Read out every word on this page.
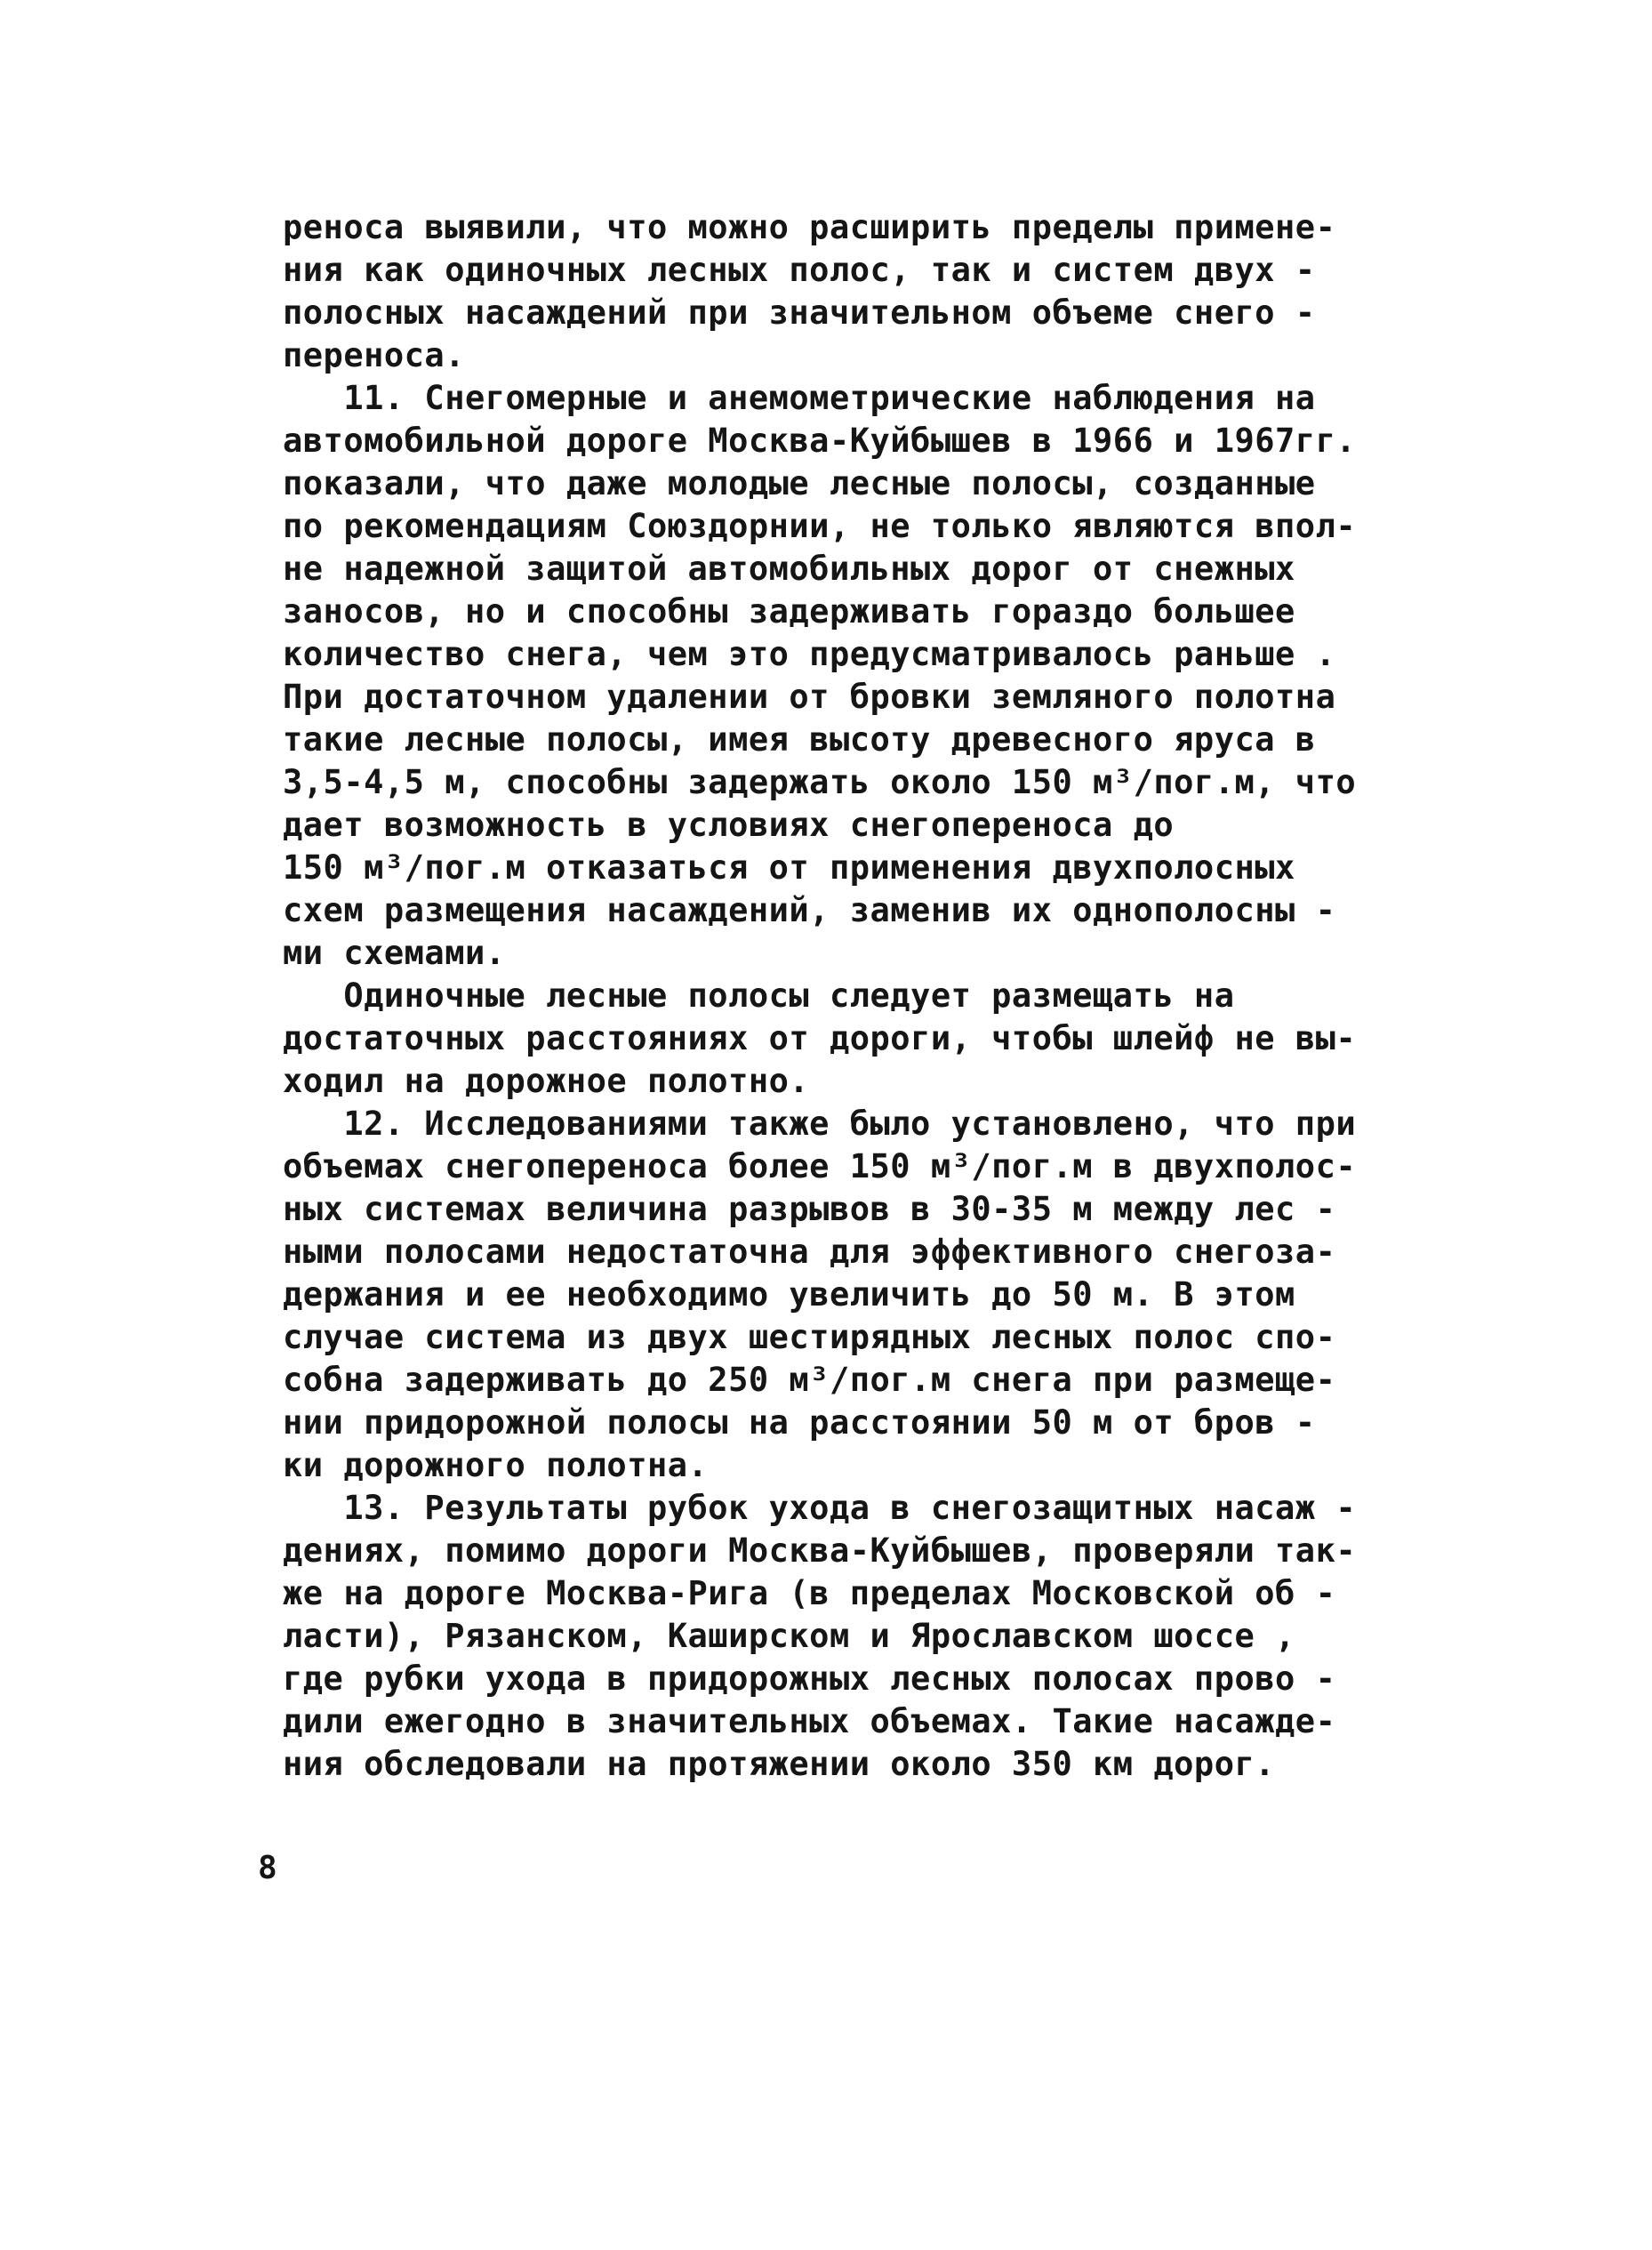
реноса выявили, что можно расширить пределы примене-
ния как одиночных лесных полос, так и систем двух -
полосных насаждений при значительном объеме снего -
переноса.
11. Снегомерные и анемометрические наблюдения на
автомобильной дороге Москва-Куйбышев в 1966 и 1967гг.
показали, что даже молодые лесные полосы, созданные
по рекомендациям Союздорнии, не только являются впол-
не надежной защитой автомобильных дорог от снежных
заносов, но и способны задерживать гораздо большее
количество снега, чем это предусматривалось раньше .
При достаточном удалении от бровки земляного полотна
такие лесные полосы, имея высоту древесного яруса в
3,5-4,5 м, способны задержать около 150 м³/пог.м, что
дает возможность в условиях снегопереноса до
150 м³/пог.м отказаться от применения двухполосных
схем размещения насаждений, заменив их однополосны -
ми схемами.
Одиночные лесные полосы следует размещать на
достаточных расстояниях от дороги, чтобы шлейф не вы-
ходил на дорожное полотно.
12. Исследованиями также было установлено, что при
объемах снегопереноса более 150 м³/пог.м в двухполос-
ных системах величина разрывов в 30-35 м между лес -
ными полосами недостаточна для эффективного снегоза-
держания и ее необходимо увеличить до 50 м. В этом
случае система из двух шестирядных лесных полос спо-
собна задерживать до 250 м³/пог.м снега при размеще-
нии придорожной полосы на расстоянии 50 м от бров -
ки дорожного полотна.
13. Результаты рубок ухода в снегозащитных насаж -
дениях, помимо дороги Москва-Куйбышев, проверяли так-
же на дороге Москва-Рига (в пределах Московской об -
ласти), Рязанском, Каширском и Ярославском шоссе ,
где рубки ухода в придорожных лесных полосах прово -
дили ежегодно в значительных объемах. Такие насажде-
ния обследовали на протяжении около 350 км дорог.
8
